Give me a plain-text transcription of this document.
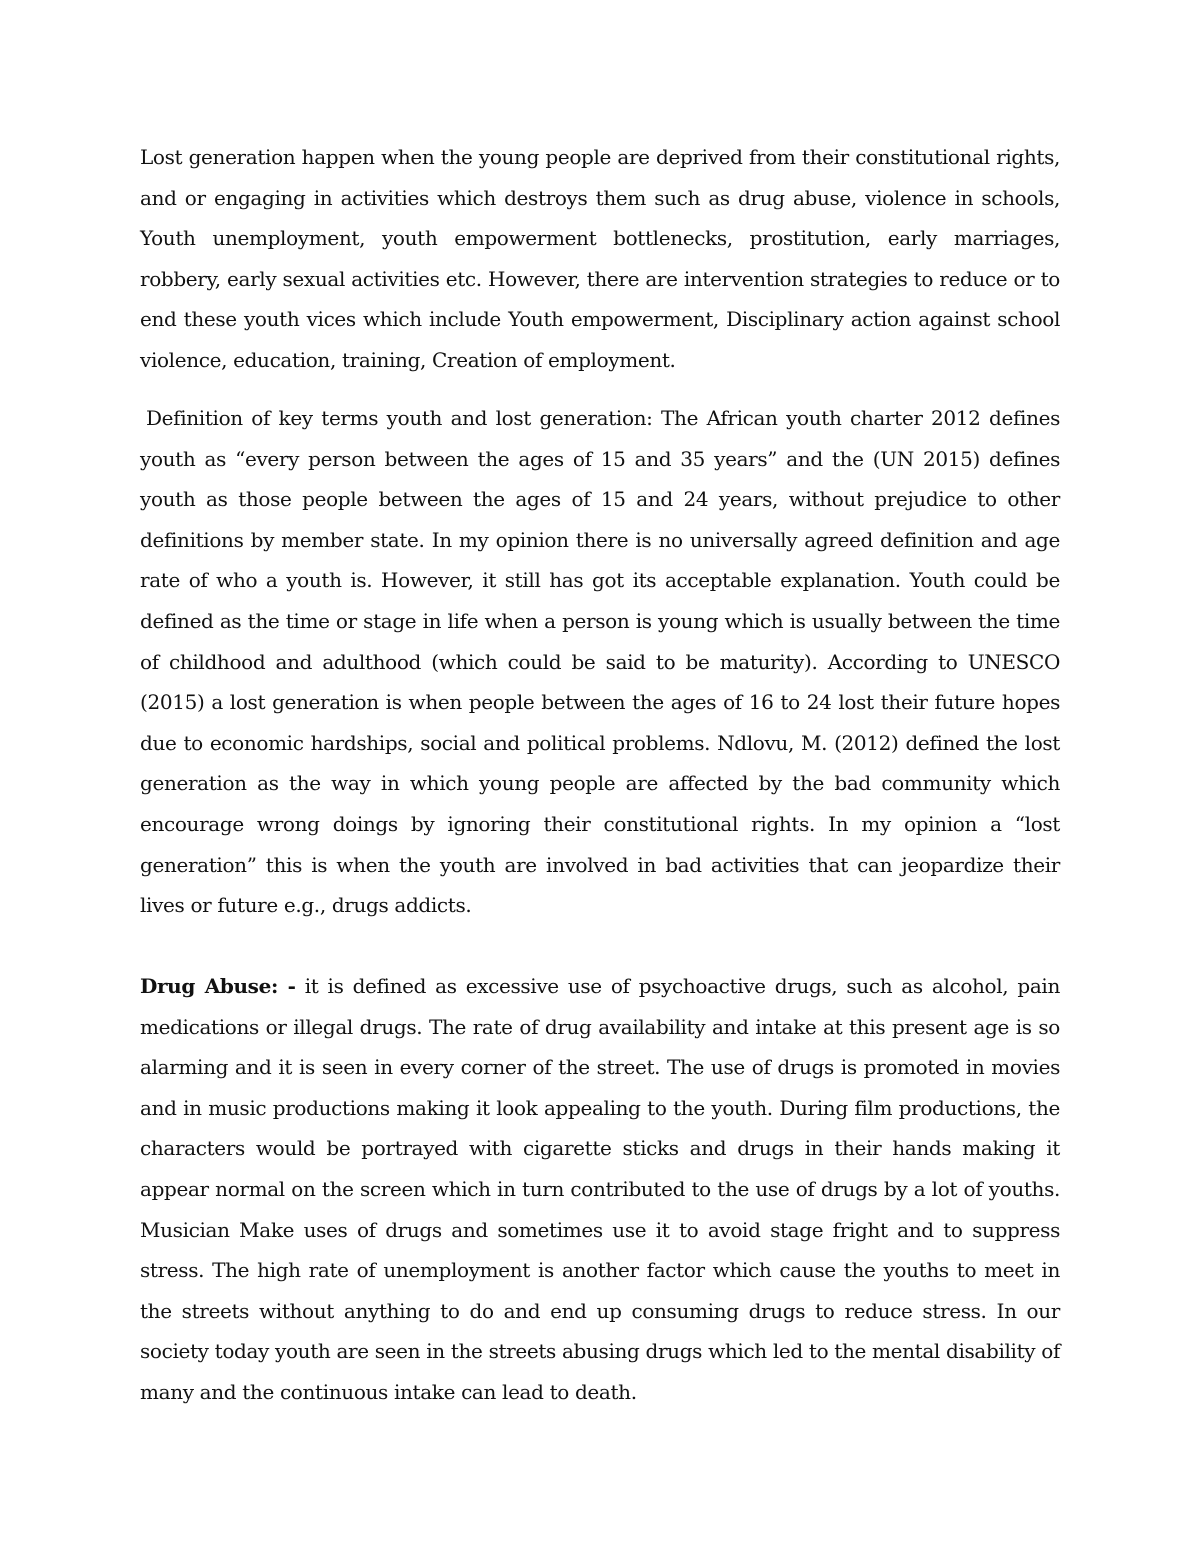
Lost generation happen when the young people are deprived from their constitutional rights, and or engaging in activities which destroys them such as drug abuse, violence in schools, Youth unemployment, youth empowerment bottlenecks, prostitution, early marriages, robbery, early sexual activities etc. However, there are intervention strategies to reduce or to end these youth vices which include Youth empowerment, Disciplinary action against school violence, education, training, Creation of employment.

Definition of key terms youth and lost generation: The African youth charter 2012 defines youth as “every person between the ages of 15 and 35 years” and the (UN 2015) defines youth as those people between the ages of 15 and 24 years, without prejudice to other definitions by member state. In my opinion there is no universally agreed definition and age rate of who a youth is. However, it still has got its acceptable explanation. Youth could be defined as the time or stage in life when a person is young which is usually between the time of childhood and adulthood (which could be said to be maturity). According to UNESCO (2015) a lost generation is when people between the ages of 16 to 24 lost their future hopes due to economic hardships, social and political problems. Ndlovu, M. (2012) defined the lost generation as the way in which young people are affected by the bad community which encourage wrong doings by ignoring their constitutional rights. In my opinion a “lost generation” this is when the youth are involved in bad activities that can jeopardize their lives or future e.g., drugs addicts.

Drug Abuse: - it is defined as excessive use of psychoactive drugs, such as alcohol, pain medications or illegal drugs. The rate of drug availability and intake at this present age is so alarming and it is seen in every corner of the street. The use of drugs is promoted in movies and in music productions making it look appealing to the youth. During film productions, the characters would be portrayed with cigarette sticks and drugs in their hands making it appear normal on the screen which in turn contributed to the use of drugs by a lot of youths. Musician Make uses of drugs and sometimes use it to avoid stage fright and to suppress stress. The high rate of unemployment is another factor which cause the youths to meet in the streets without anything to do and end up consuming drugs to reduce stress. In our society today youth are seen in the streets abusing drugs which led to the mental disability of many and the continuous intake can lead to death.
